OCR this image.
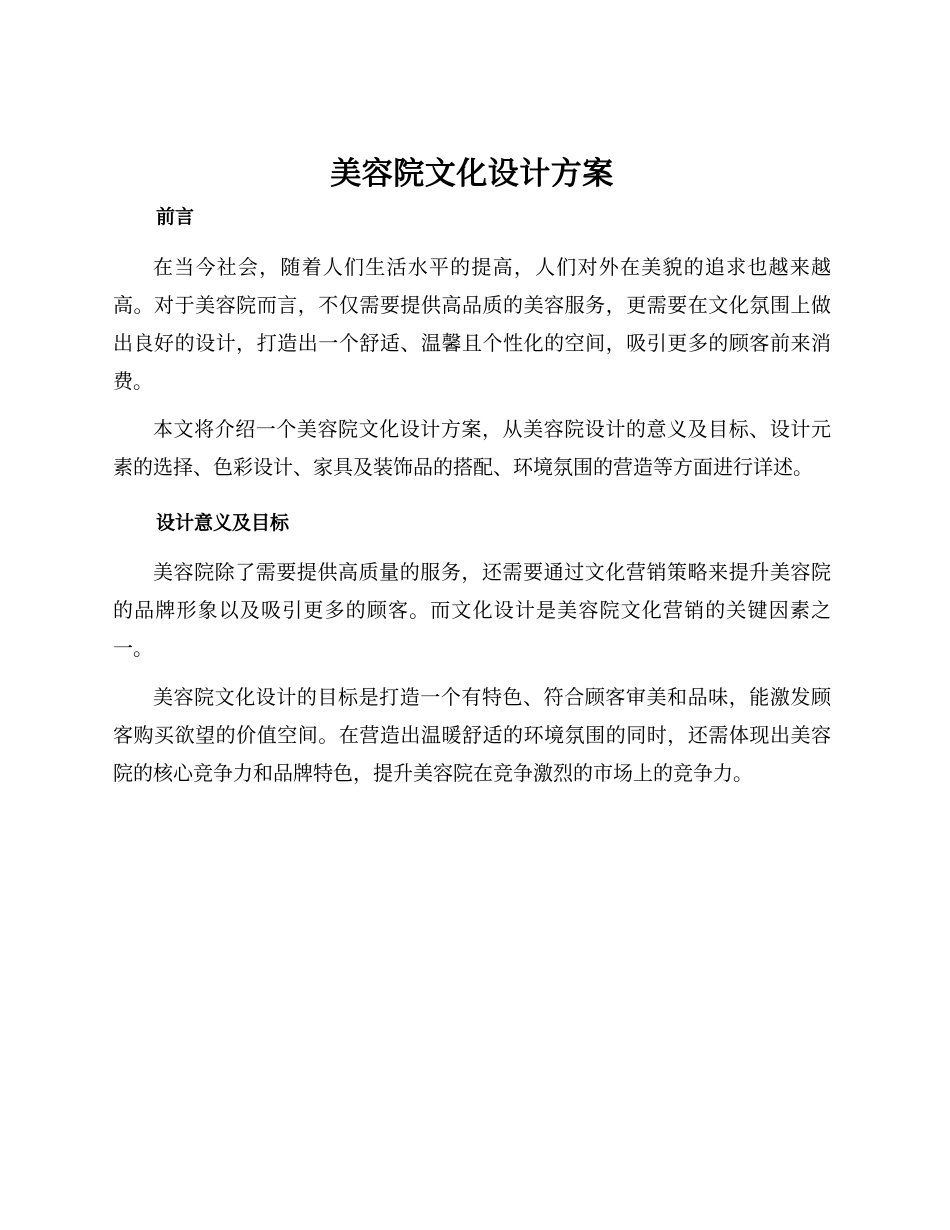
美容院文化设计方案
前言

在当今社会，随着人们生活水平的提高，人们对外在美貌的追求也越来越高。对于美容院而言，不仅需要提供高品质的美容服务，更需要在文化氛围上做出良好的设计，打造出一个舒适、温馨且个性化的空间，吸引更多的顾客前来消费。

本文将介绍一个美容院文化设计方案，从美容院设计的意义及目标、设计元素的选择、色彩设计、家具及装饰品的搭配、环境氛围的营造等方面进行详述。

设计意义及目标

美容院除了需要提供高质量的服务，还需要通过文化营销策略来提升美容院的品牌形象以及吸引更多的顾客。而文化设计是美容院文化营销的关键因素之一。

美容院文化设计的目标是打造一个有特色、符合顾客审美和品味，能激发顾客购买欲望的价值空间。在营造出温暖舒适的环境氛围的同时，还需体现出美容院的核心竞争力和品牌特色，提升美容院在竞争激烈的市场上的竞争力。
